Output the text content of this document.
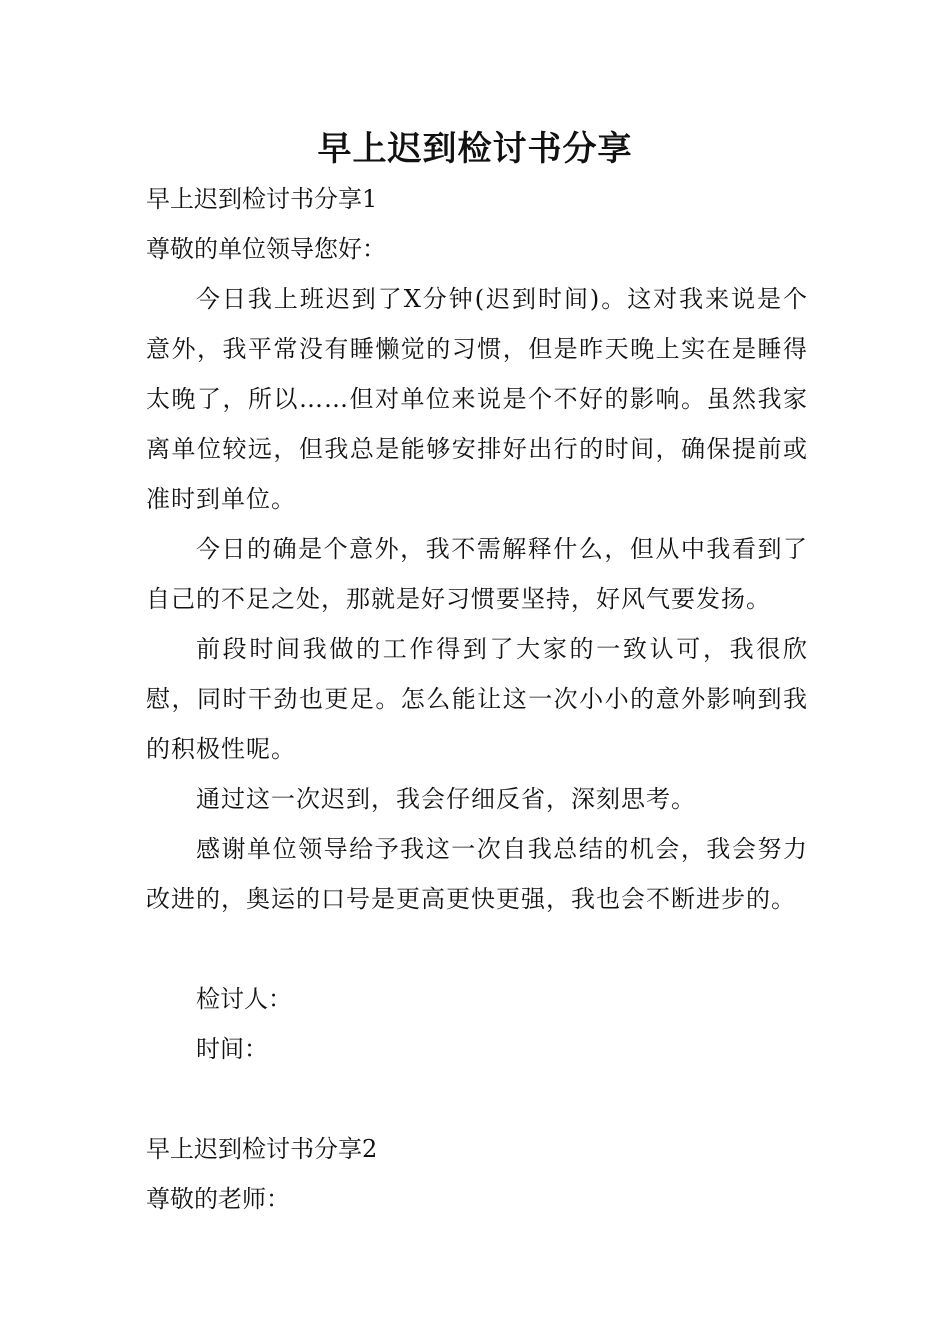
早上迟到检讨书分享

早上迟到检讨书分享1

尊敬的单位领导您好：

今日我上班迟到了X分钟(迟到时间)。这对我来说是个意外，我平常没有睡懒觉的习惯，但是昨天晚上实在是睡得太晚了，所以……但对单位来说是个不好的影响。虽然我家离单位较远，但我总是能够安排好出行的时间，确保提前或准时到单位。

今日的确是个意外，我不需解释什么，但从中我看到了自己的不足之处，那就是好习惯要坚持，好风气要发扬。

前段时间我做的工作得到了大家的一致认可，我很欣慰，同时干劲也更足。怎么能让这一次小小的意外影响到我的积极性呢。

通过这一次迟到，我会仔细反省，深刻思考。

感谢单位领导给予我这一次自我总结的机会，我会努力改进的，奥运的口号是更高更快更强，我也会不断进步的。

检讨人：

时间：

早上迟到检讨书分享2

尊敬的老师：
